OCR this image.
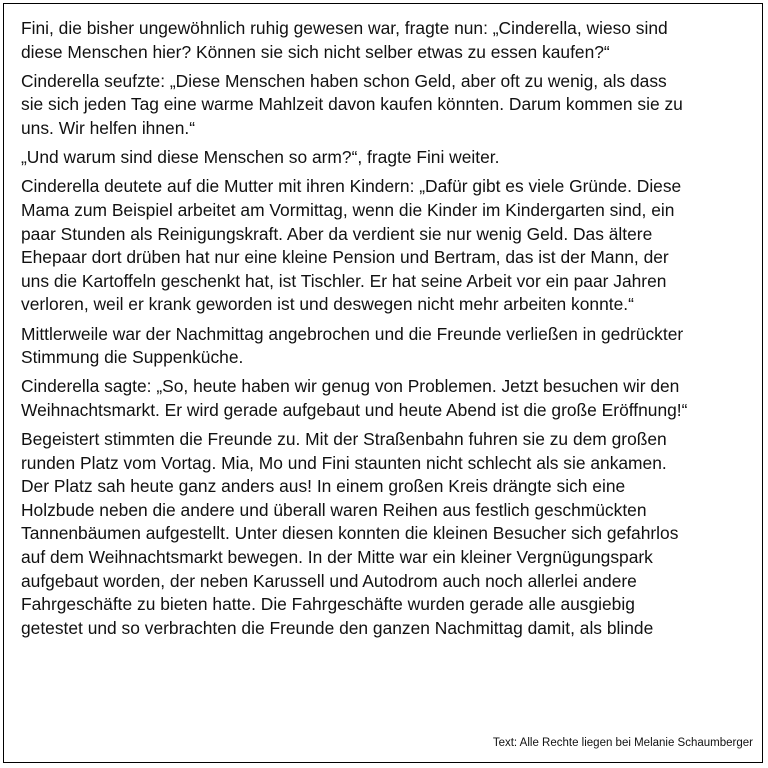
Fini, die bisher ungewöhnlich ruhig gewesen war, fragte nun: „Cinderella, wieso sind
diese Menschen hier? Können sie sich nicht selber etwas zu essen kaufen?“

Cinderella seufzte: „Diese Menschen haben schon Geld, aber oft zu wenig, als dass
sie sich jeden Tag eine warme Mahlzeit davon kaufen könnten. Darum kommen sie zu
uns. Wir helfen ihnen.“

„Und warum sind diese Menschen so arm?“, fragte Fini weiter.

Cinderella deutete auf die Mutter mit ihren Kindern: „Dafür gibt es viele Gründe. Diese
Mama zum Beispiel arbeitet am Vormittag, wenn die Kinder im Kindergarten sind, ein
paar Stunden als Reinigungskraft. Aber da verdient sie nur wenig Geld. Das ältere
Ehepaar dort drüben hat nur eine kleine Pension und Bertram, das ist der Mann, der
uns die Kartoffeln geschenkt hat, ist Tischler. Er hat seine Arbeit vor ein paar Jahren
verloren, weil er krank geworden ist und deswegen nicht mehr arbeiten konnte.“

Mittlerweile war der Nachmittag angebrochen und die Freunde verließen in gedrückter
Stimmung die Suppenküche.

Cinderella sagte: „So, heute haben wir genug von Problemen. Jetzt besuchen wir den
Weihnachtsmarkt. Er wird gerade aufgebaut und heute Abend ist die große Eröffnung!“

Begeistert stimmten die Freunde zu. Mit der Straßenbahn fuhren sie zu dem großen
runden Platz vom Vortag. Mia, Mo und Fini staunten nicht schlecht als sie ankamen.
Der Platz sah heute ganz anders aus! In einem großen Kreis drängte sich eine
Holzbude neben die andere und überall waren Reihen aus festlich geschmückten
Tannenbäumen aufgestellt. Unter diesen konnten die kleinen Besucher sich gefahrlos
auf dem Weihnachtsmarkt bewegen. In der Mitte war ein kleiner Vergnügungspark
aufgebaut worden, der neben Karussell und Autodrom auch noch allerlei andere
Fahrgeschäfte zu bieten hatte. Die Fahrgeschäfte wurden gerade alle ausgiebig
getestet und so verbrachten die Freunde den ganzen Nachmittag damit, als blinde

Text: Alle Rechte liegen bei Melanie Schaumberger
